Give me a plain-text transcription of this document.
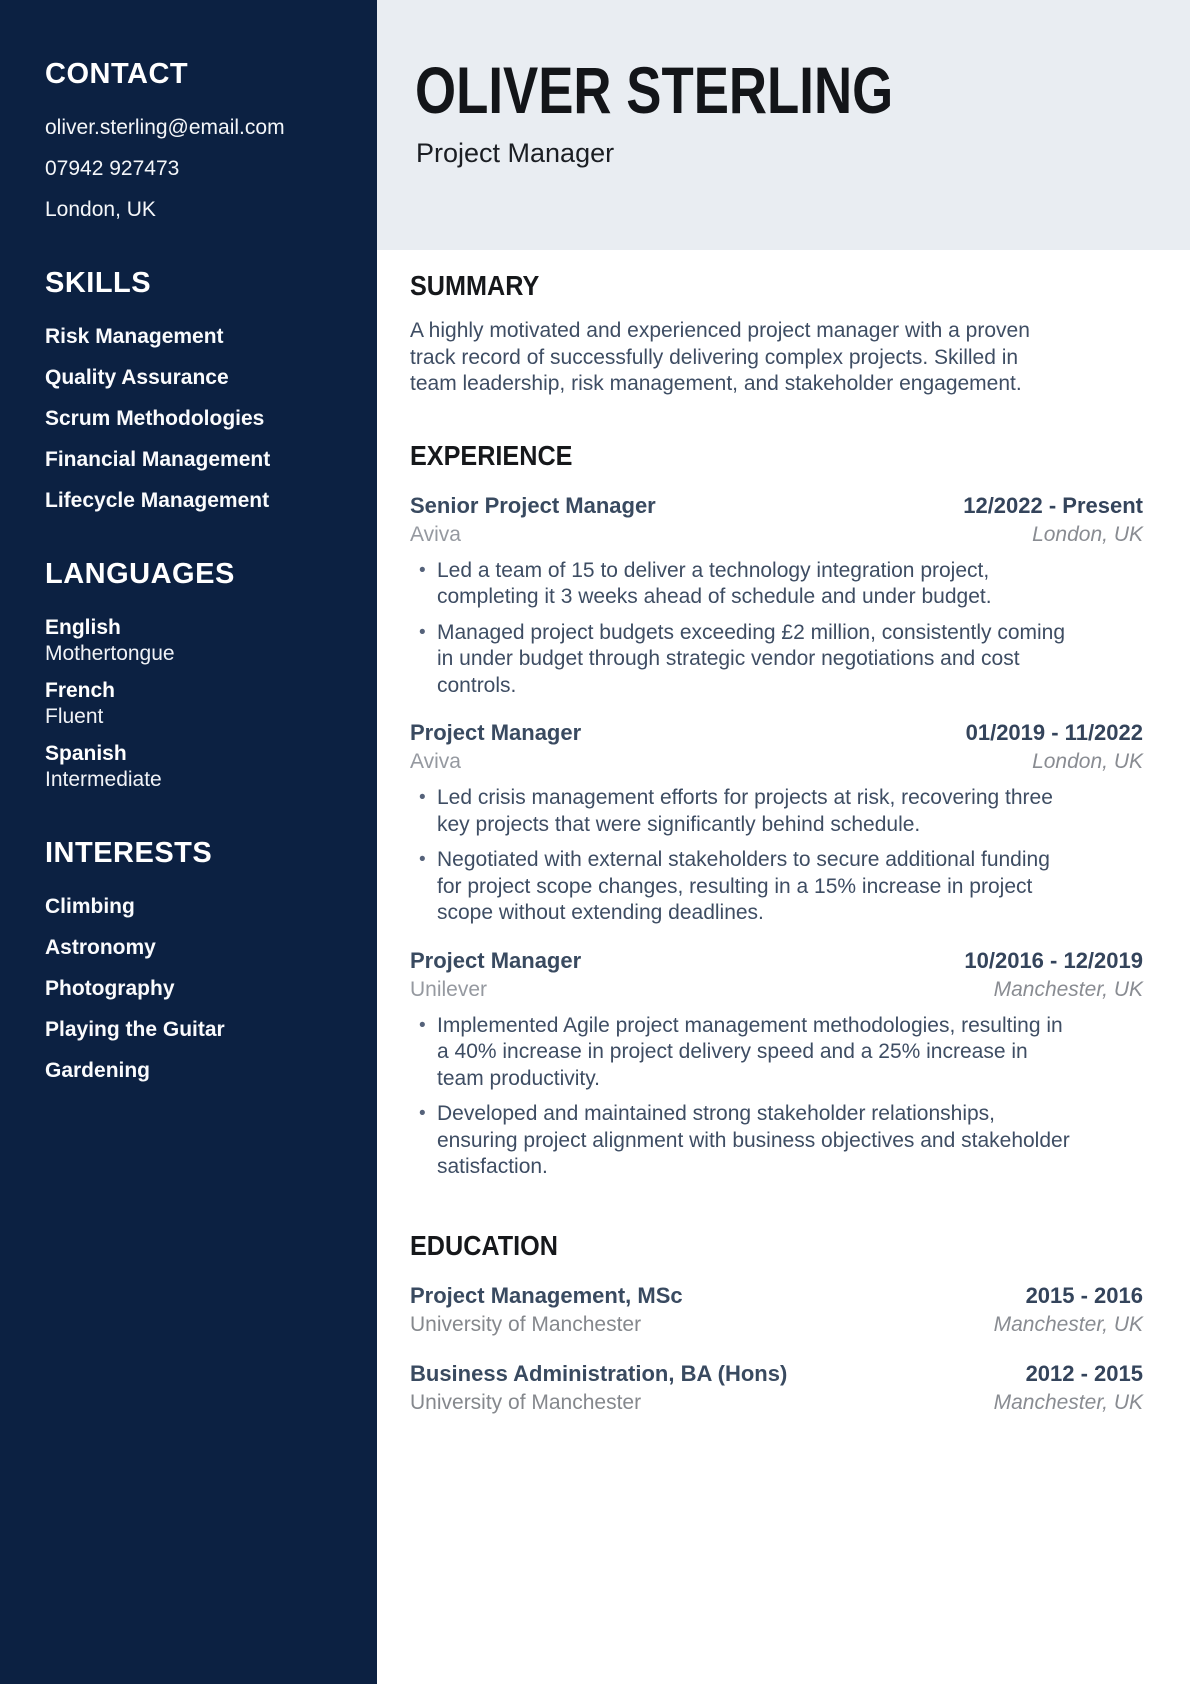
CONTACT
oliver.sterling@email.com
07942 927473
London, UK
SKILLS
Risk Management
Quality Assurance
Scrum Methodologies
Financial Management
Lifecycle Management
LANGUAGES
English
Mothertongue
French
Fluent
Spanish
Intermediate
INTERESTS
Climbing
Astronomy
Photography
Playing the Guitar
Gardening
OLIVER STERLING
Project Manager
SUMMARY

A highly motivated and experienced project manager with a proven track record of successfully delivering complex projects. Skilled in team leadership, risk management, and stakeholder engagement.

EXPERIENCE
Senior Project Manager	12/2022 - Present
Aviva	London, UK
• Led a team of 15 to deliver a technology integration project, completing it 3 weeks ahead of schedule and under budget.
• Managed project budgets exceeding £2 million, consistently coming in under budget through strategic vendor negotiations and cost controls.
Project Manager	01/2019 - 11/2022
Aviva	London, UK
• Led crisis management efforts for projects at risk, recovering three key projects that were significantly behind schedule.
• Negotiated with external stakeholders to secure additional funding for project scope changes, resulting in a 15% increase in project scope without extending deadlines.
Project Manager	10/2016 - 12/2019
Unilever	Manchester, UK
• Implemented Agile project management methodologies, resulting in a 40% increase in project delivery speed and a 25% increase in team productivity.
• Developed and maintained strong stakeholder relationships, ensuring project alignment with business objectives and stakeholder satisfaction.
EDUCATION
Project Management, MSc	2015 - 2016
University of Manchester	Manchester, UK
Business Administration, BA (Hons)	2012 - 2015
University of Manchester	Manchester, UK
